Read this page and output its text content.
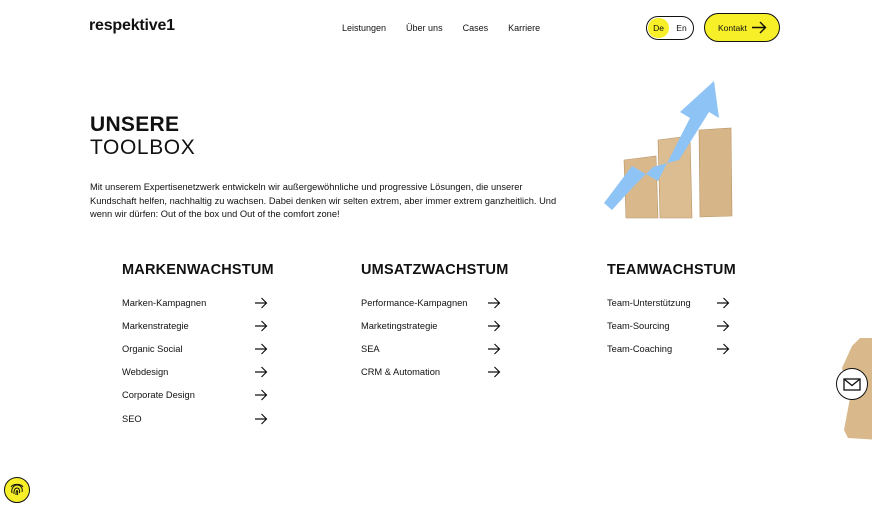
respektive1	Leistungen Über uns Cases Karriere	De	En	Kontakt
UNSERE
TOOLBOX

Mit unserem Expertisenetzwerk entwickeln wir außergewöhnliche und progressive Lösungen, die unserer Kundschaft helfen, nachhaltig zu wachsen. Dabei denken wir selten extrem, aber immer extrem ganzheitlich. Und wenn wir dürfen: Out of the box und Out of the comfort zone!

MARKENWACHSTUM
Marken-Kampagnen
Markenstrategie
Organic Social
Webdesign
Corporate Design
SEO
UMSATZWACHSTUM
Performance-Kampagnen
Marketingstrategie
SEA
CRM & Automation
TEAMWACHSTUM
Team-Unterstützung
Team-Sourcing
Team-Coaching
